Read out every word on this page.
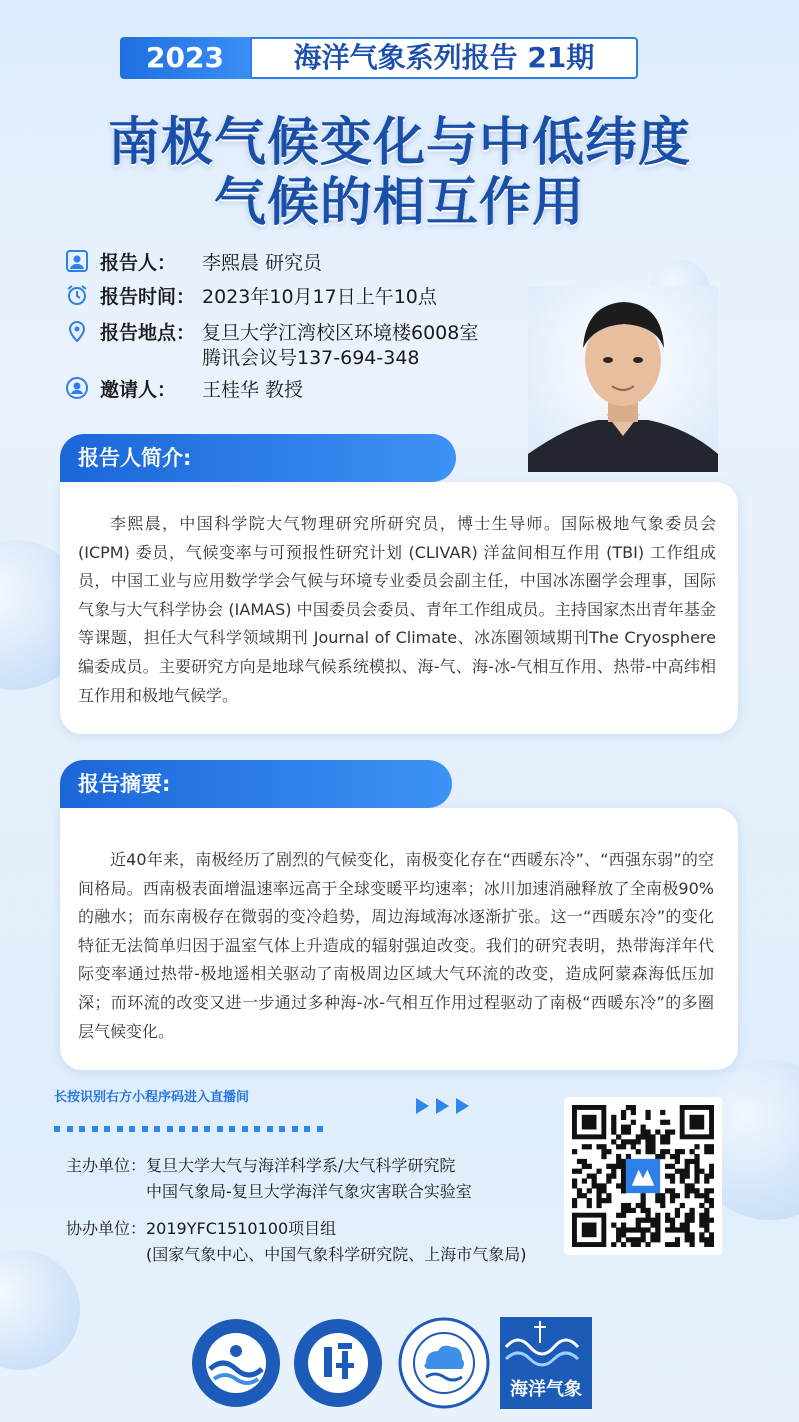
2023	海洋气象系列报告 21期
南极气候变化与中低纬度
气候的相互作用
报告人： 李熙晨 研究员
报告时间： 2023年10月17日上午10点
报告地点： 复旦大学江湾校区环境楼6008室
腾讯会议号137-694-348
邀请人： 王桂华 教授

李熙晨，中国科学院大气物理研究所研究员，博士生导师。国际极地气象委员会(ICPM) 委员，气候变率与可预报性研究计划 (CLIVAR) 洋盆间相互作用 (TBI) 工作组成员，中国工业与应用数学学会气候与环境专业委员会副主任，中国冰冻圈学会理事，国际气象与大气科学协会 (IAMAS) 中国委员会委员、青年工作组成员。主持国家杰出青年基金等课题，担任大气科学领域期刊 Journal of Climate、冰冻圈领域期刊The Cryosphere 编委成员。主要研究方向是地球气候系统模拟、海-气、海-冰-气相互作用、热带-中高纬相互作用和极地气候学。

报告人简介:

近40年来，南极经历了剧烈的气候变化，南极变化存在“西暖东冷”、“西强东弱”的空间格局。西南极表面增温速率远高于全球变暖平均速率；冰川加速消融释放了全南极90%的融水；而东南极存在微弱的变冷趋势，周边海域海冰逐渐扩张。这一“西暖东冷”的变化特征无法简单归因于温室气体上升造成的辐射强迫改变。我们的研究表明，热带海洋年代际变率通过热带-极地遥相关驱动了南极周边区域大气环流的改变，造成阿蒙森海低压加深；而环流的改变又进一步通过多种海-冰-气相互作用过程驱动了南极“西暖东冷”的多圈层气候变化。

报告摘要:
长按识别右方小程序码进入直播间
主办单位： 复旦大学大气与海洋科学系/大气科学研究院
中国气象局-复旦大学海洋气象灾害联合实验室
协办单位： 2019YFC1510100项目组
(国家气象中心、中国气象科学研究院、上海市气象局)
海洋气象
